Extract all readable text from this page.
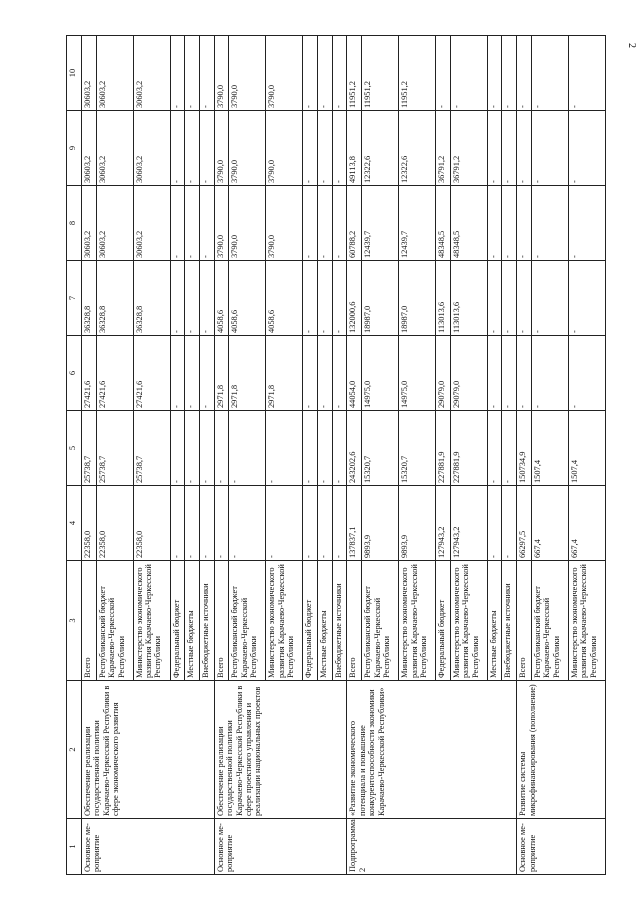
2
1	2	3	4	5	6	7	8	9	10
Основное ме-роприятие	Обеспечение реализации государственной политики Карачаево-Черкесской Республики в сфере экономического развития	Всего	22358,0	25738,7	27421,6	36328,8	30603,2	30603,2	30603,2
		Республиканский бюджет Карачаево-Черкесской Республики	22358,0	25738,7	27421,6	36328,8	30603,2	30603,2	30603,2
		Министерство экономического развития Карачаево-Черкесской Республики	22358,0	25738,7	27421,6	36328,8	30603,2	30603,2	30603,2
		Федеральный бюджет	-	-	-	-	-	-	-
		Местные бюджеты	-	-	-	-	-	-	-
		Внебюджетные источники	-	-	-	-	-	-	-
Основное ме-роприятие	Обеспечение реализации государственной политики Карачаево-Черкесской Республики в сфере проектного управления и реализации национальных проектов	Всего	-	-	2971,8	4058,6	3790,0	3790,0	3790,0
		Республиканский бюджет Карачаево-Черкесской Республики	-	-	2971,8	4058,6	3790,0	3790,0	3790,0
		Министерство экономического развития Карачаево-Черкесской Республики	-	-	2971,8	4058,6	3790,0	3790,0	3790,0
		Федеральный бюджет	-	-	-	-	-	-	-
		Местные бюджеты	-	-	-	-	-	-	-
		Внебюджетные источники	-	-	-	-	-	-	-
Подпрограмма 2	«Развитие экономического потенциала и повышение конкурентоспособности экономики Карачаево-Черкесской Республики»	Всего	137837,1	243202,6	44054,0	132000,6	60788,2	49113,8	11951,2
		Республиканский бюджет Карачаево-Черкесской Республики	9893,9	15320,7	14975,0	18987,0	12439,7	12322,6	11951,2
		Министерство экономического развития Карачаево-Черкесской Республики	9893,9	15320,7	14975,0	18987,0	12439,7	12322,6	11951,2
		Федеральный бюджет	127943,2	227881,9	29079,0	113013,6	48348,5	36791,2	-
		Министерство экономического развития Карачаево-Черкесской Республики	127943,2	227881,9	29079,0	113013,6	48348,5	36791,2	-
		Местные бюджеты	-	-	-	-	-	-	-
		Внебюджетные источники	-	-	-	-	-	-	-
Основное ме-роприятие	Развитие системы микрофинансирования (пополнение)	Всего	66297,5	150734,9	-	-	-	-	-
		Республиканский бюджет Карачаево-Черкесской Республики	667,4	1507,4	-	-	-	-	-
		Министерство экономического развития Карачаево-Черкесской Республики	667,4	1507,4	-	-	-	-	-
